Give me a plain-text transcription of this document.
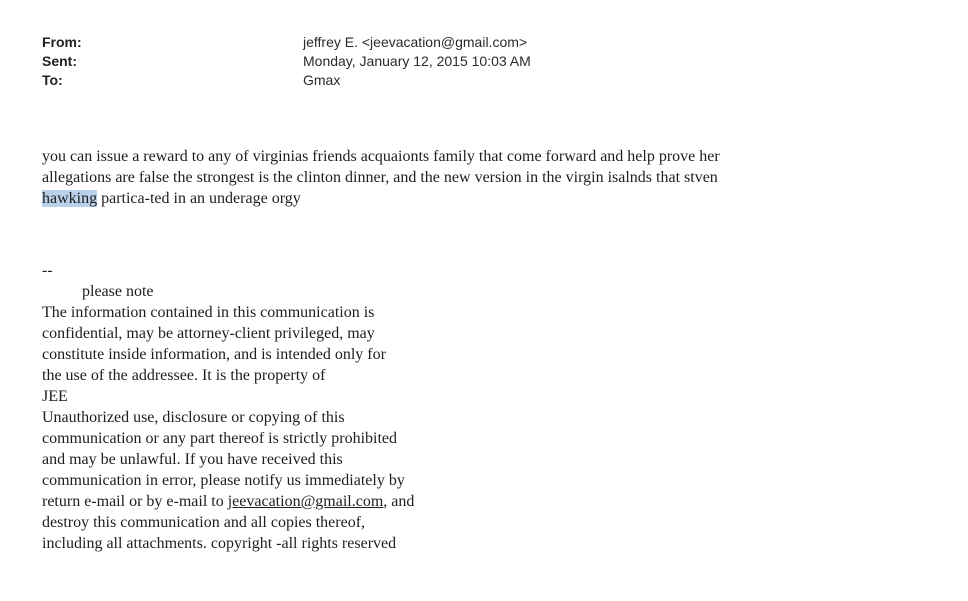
From:	jeffrey E. <jeevacation@gmail.com>
Sent:	Monday, January 12, 2015 10:03 AM
To:	Gmax
you can issue a reward to any of virginias friends acquaionts family that come forward and help prove her
allegations are false the strongest is the clinton dinner, and the new version in the virgin isalnds that stven
hawking partica-ted in an underage orgy
--
please note
The information contained in this communication is
confidential, may be attorney-client privileged, may
constitute inside information, and is intended only for
the use of the addressee. It is the property of
JEE
Unauthorized use, disclosure or copying of this
communication or any part thereof is strictly prohibited
and may be unlawful. If you have received this
communication in error, please notify us immediately by
return e-mail or by e-mail to jeevacation@gmail.com, and
destroy this communication and all copies thereof,
including all attachments. copyright -all rights reserved
